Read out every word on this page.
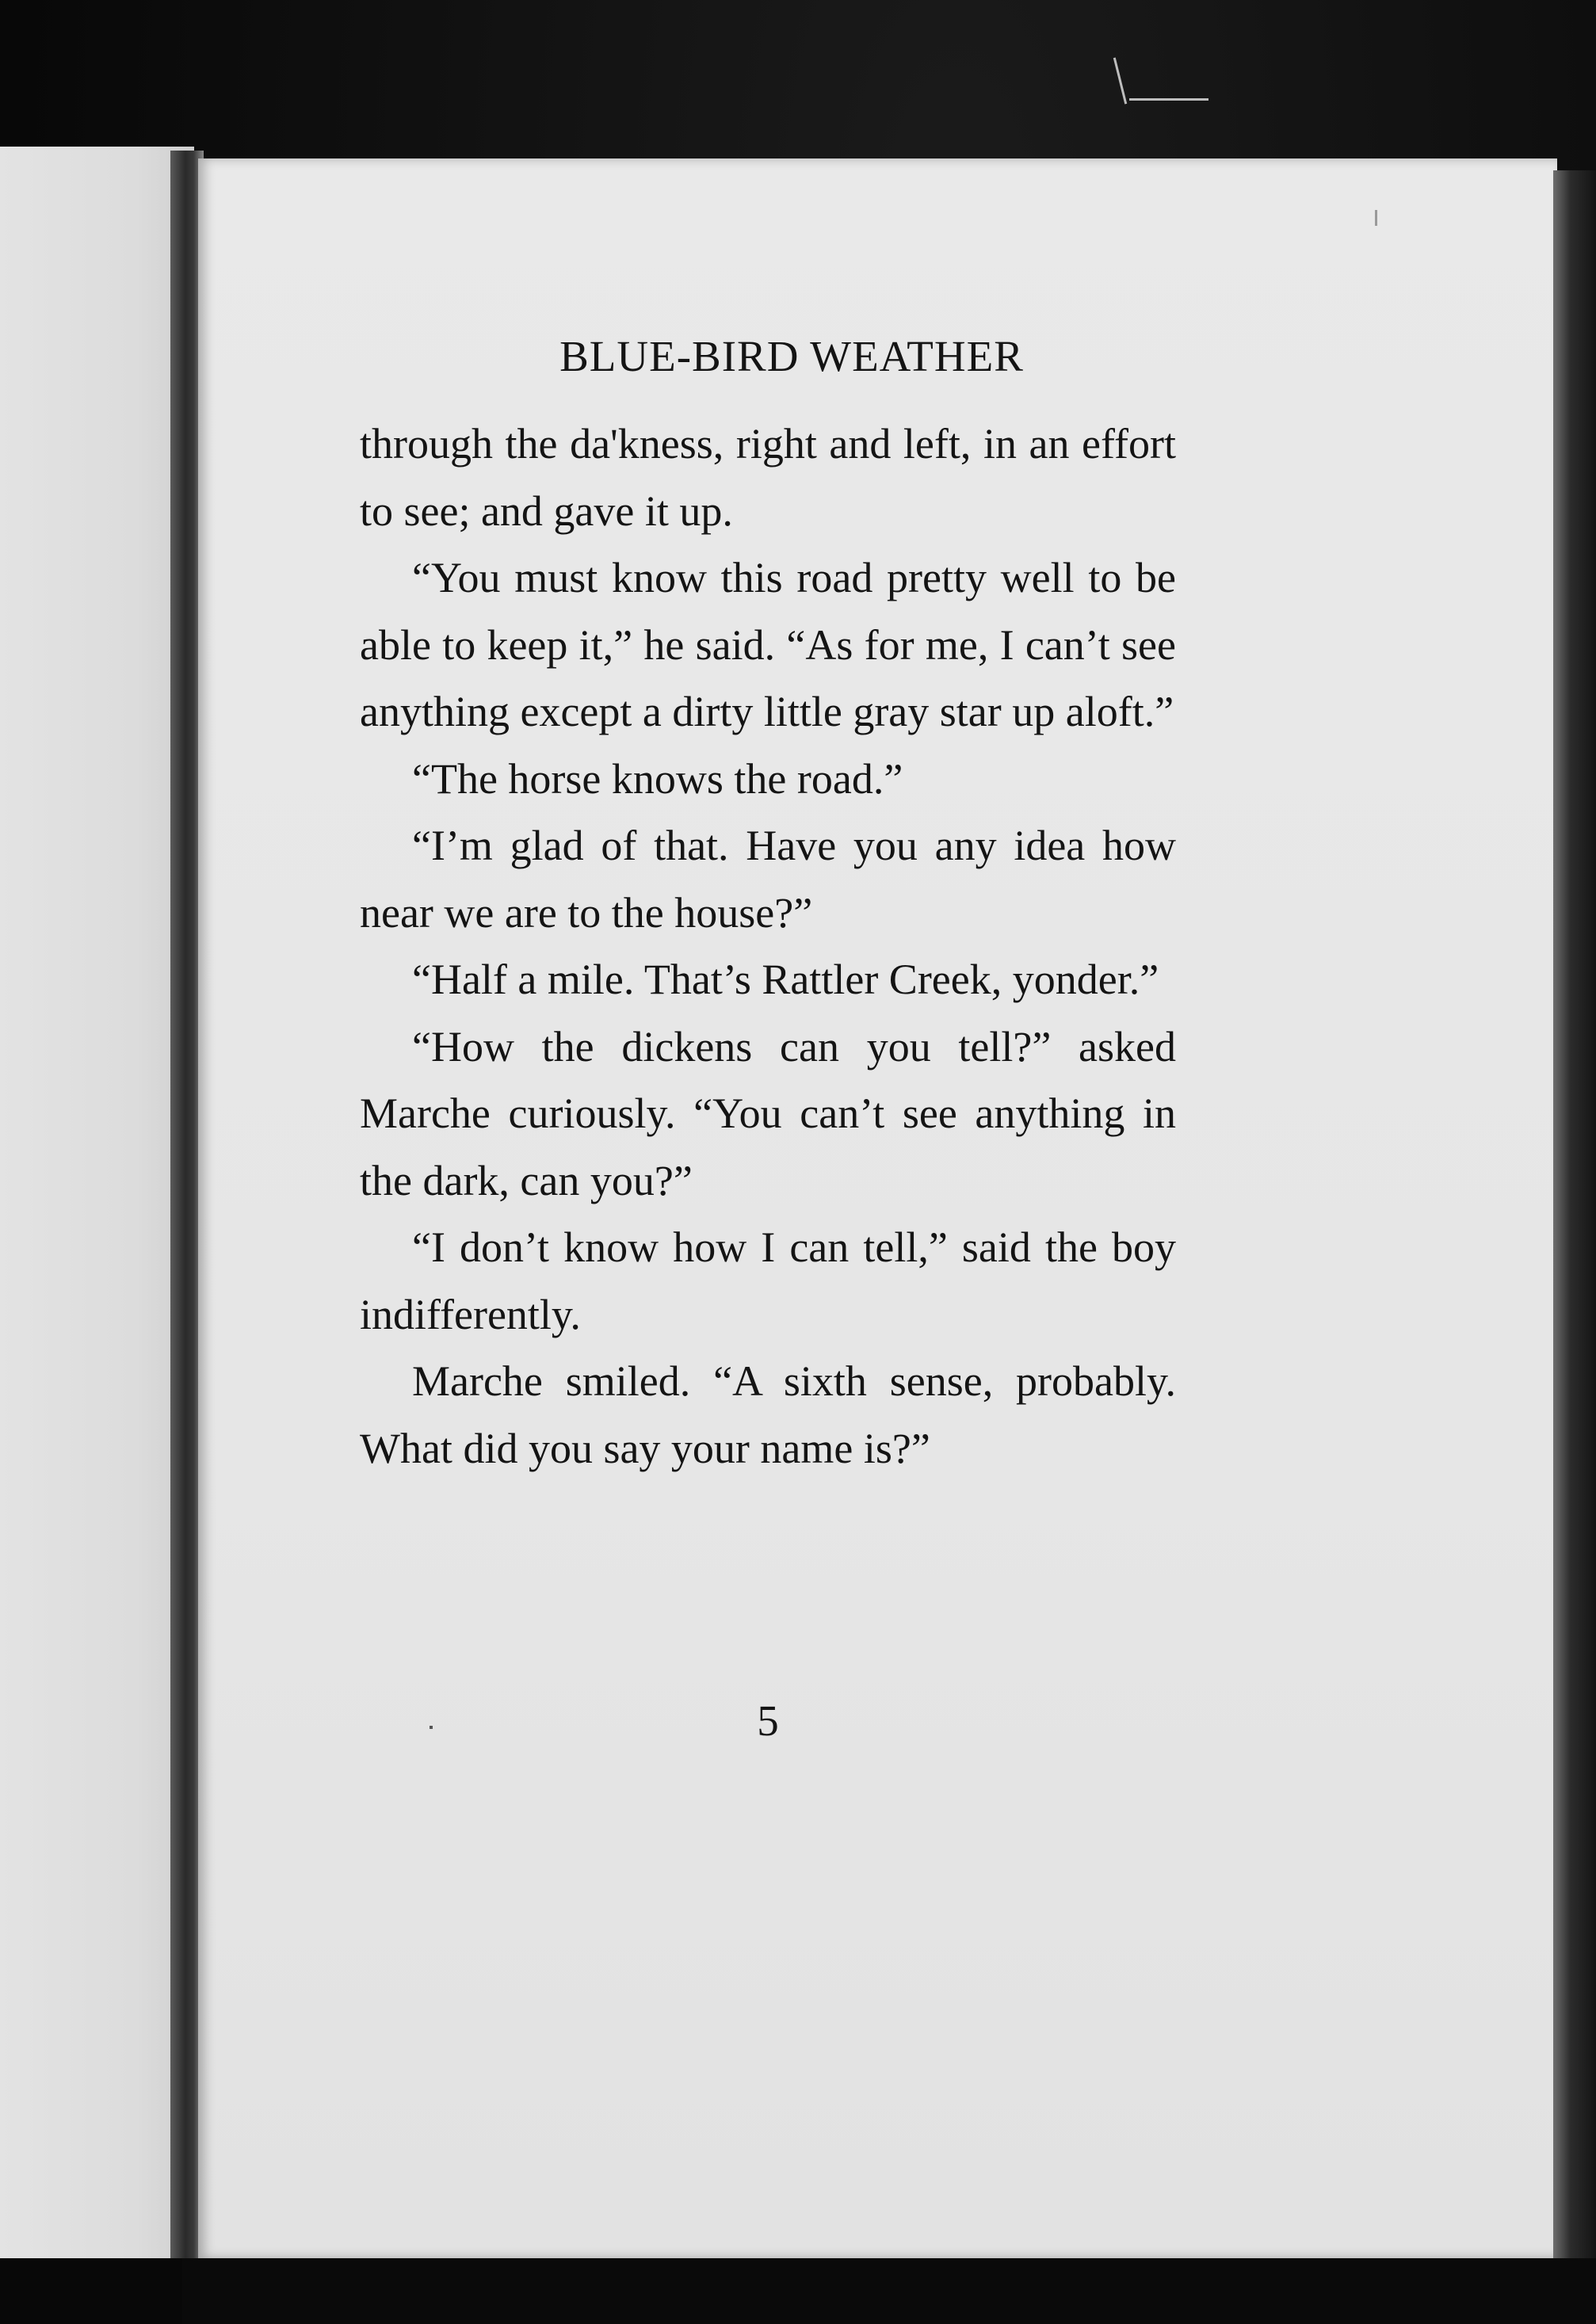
BLUE-BIRD WEATHER

through the da'kness, right and left, in an effort to see; and gave it up.

“You must know this road pretty well to be able to keep it,” he said. “As for me, I can’t see anything except a dirty little gray star up aloft.”

“The horse knows the road.”

“I’m glad of that. Have you any idea how near we are to the house?”

“Half a mile. That’s Rattler Creek, yonder.”

“How the dickens can you tell?” asked Marche curiously. “You can’t see anything in the dark, can you?”

“I don’t know how I can tell,” said the boy indifferently.

Marche smiled. “A sixth sense, probably. What did you say your name is?”

5
